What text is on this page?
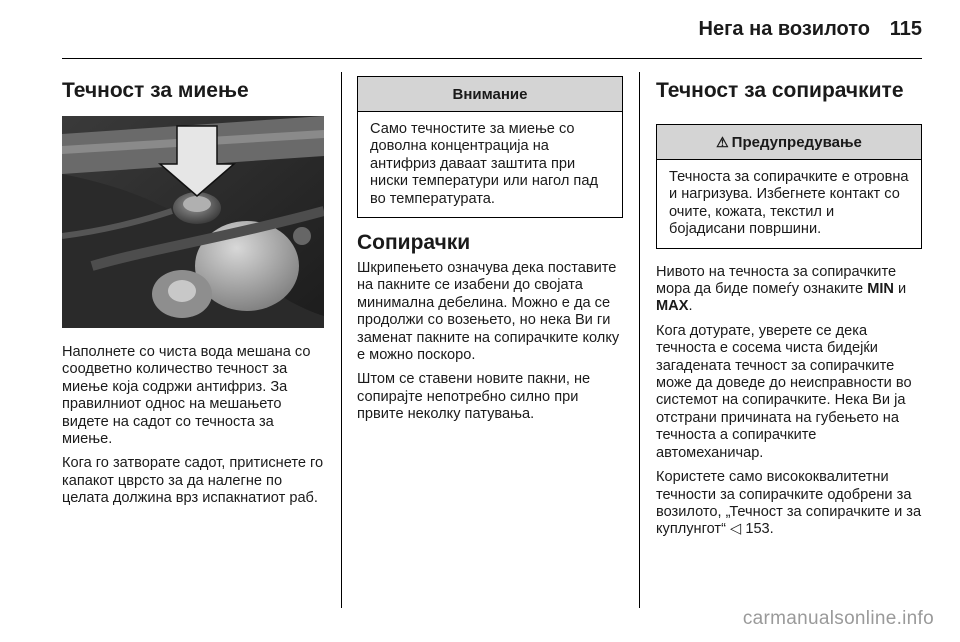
Нега на возилото 115
Течност за миење

Наполнете со чиста вода мешана со соодветно количество течност за миење која содржи антифриз. За правилниот однос на мешањето видете на садот со течноста за миење.

Кога го затворате садот, притиснете го капакот цврсто за да налегне по целата должина врз испакнатиот раб.

Внимание

Само течностите за миење со доволна концентрација на антифриз даваат заштита при ниски температури или нагол пад во температурата.

Сопирачки

Шкрипењето означува дека поставите на пакните се изабени до својата минимална дебелина. Можно е да се продолжи со возењето, но нека Ви ги заменат пакните на сопирачките колку е можно поскоро.

Штом се ставени новите пакни, не сопирајте непотребно силно при првите неколку патувања.

Течност за сопирачките
⚠ Предупредување

Течноста за сопирачките е отровна и нагризува. Избегнете контакт со очите, кожата, текстил и бојадисани површини.

Нивото на течноста за сопирачките мора да биде помеѓу ознаките MIN и MAX.

Кога дотурате, уверете се дека течноста е сосема чиста бидејќи загадената течност за сопирачките може да доведе до неисправности во системот на сопирачките. Нека Ви ја отстрани причината на губењето на течноста а сопирачките автомеханичар.

Користете само висококвалитетни течности за сопирачките одобрени за возилото, „Течност за сопирачките и за куплунгот“ ◁ 153.

carmanualsonline.info
